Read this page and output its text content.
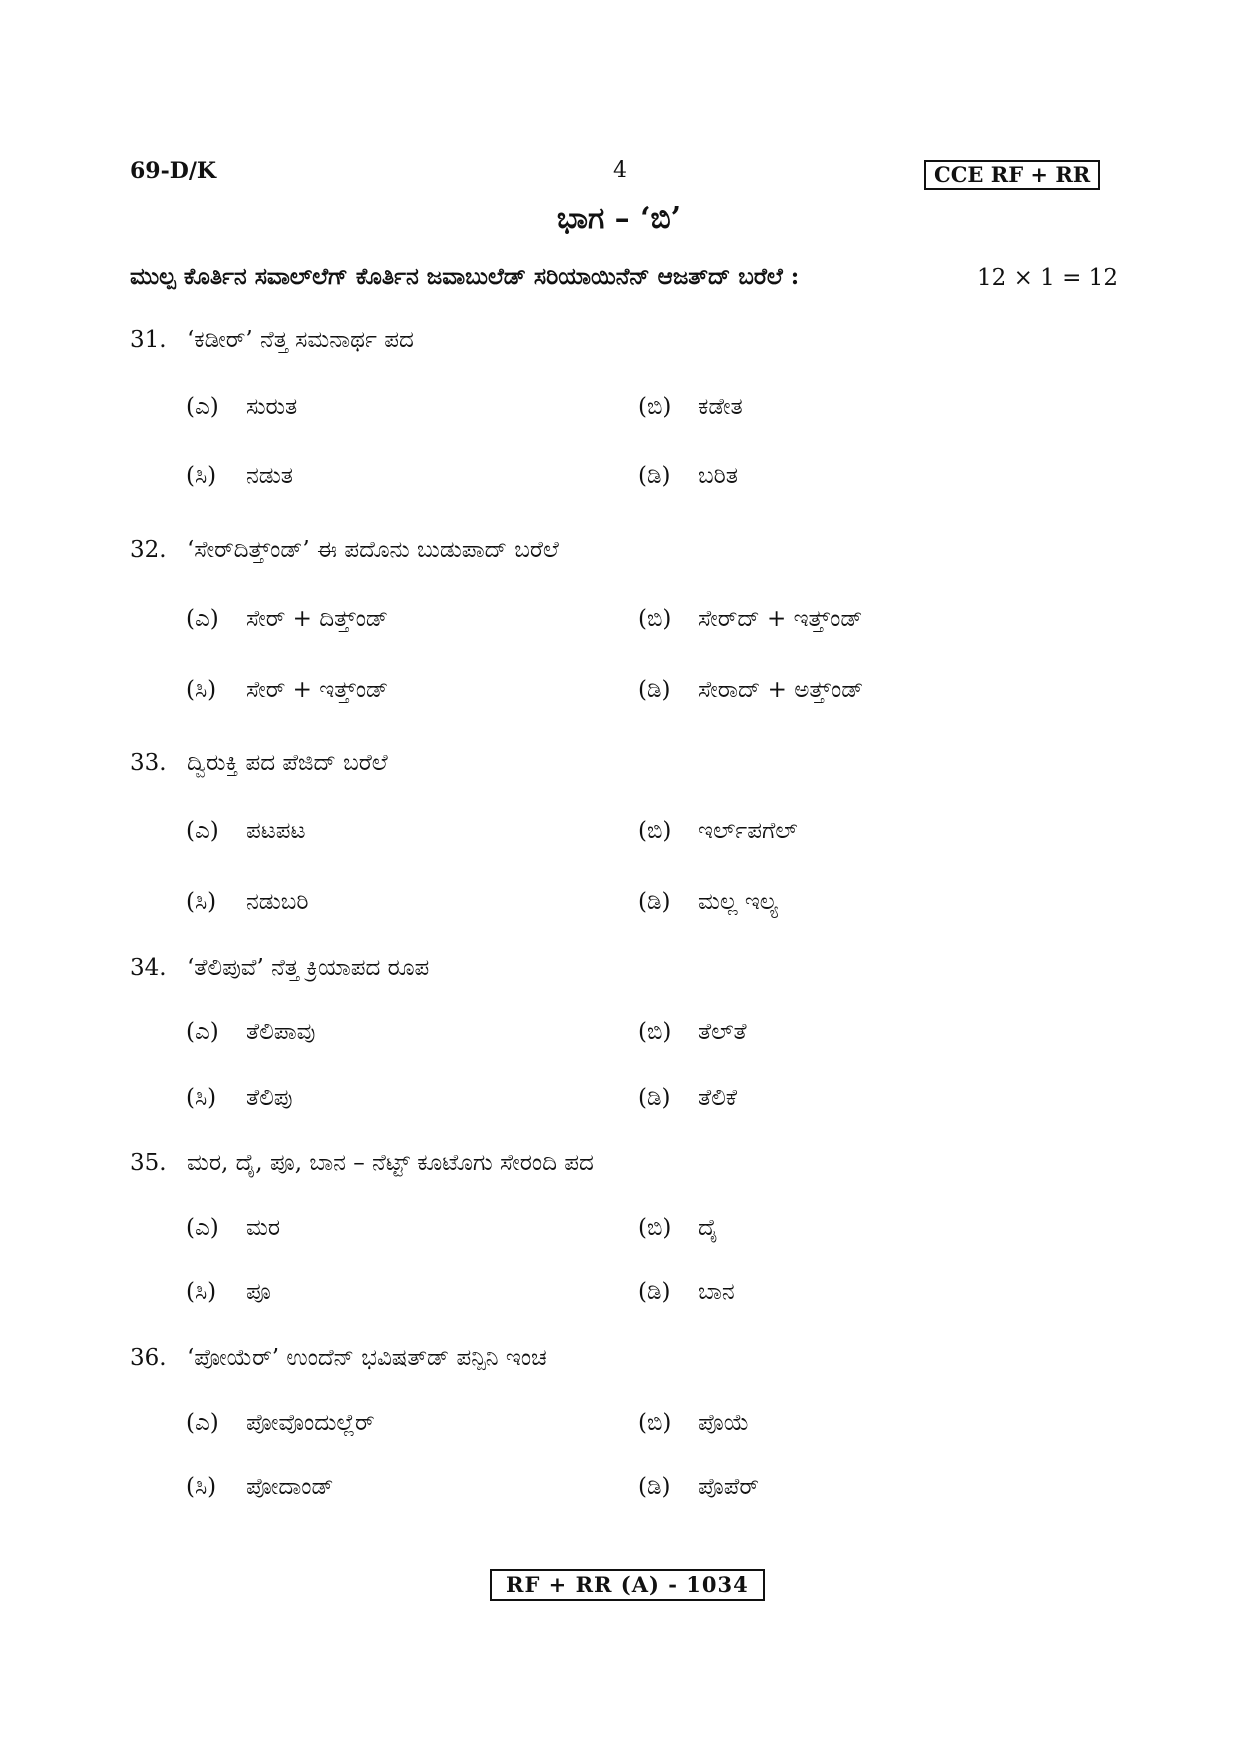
69-D/K	4	CCE RF + RR
ಭಾಗ – ‘ಬಿ’
ಮುಲ್ಪ ಕೊರ್ತಿನ ಸವಾಲ್‌ಲೆಗ್ ಕೊರ್ತಿನ ಜವಾಬುಲೆಡ್ ಸರಿಯಾಯಿನೆನ್ ಆಜತ್‌ದ್ ಬರೆಲೆ :	12 × 1 = 12
31. ‘ಕಡೀರ್’ ನೆತ್ತ ಸಮನಾರ್ಥ ಪದ
(ಎ) ಸುರುತ	(ಬಿ) ಕಡೇತ
(ಸಿ) ನಡುತ	(ಡಿ) ಬರಿತ
32. ‘ಸೇರ್‌ದಿತ್ತ್ಂಡ್’ ಈ ಪದೊನು ಬುಡುಪಾದ್ ಬರೆಲೆ
(ಎ) ಸೇರ್ + ದಿತ್ತ್ಂಡ್	(ಬಿ) ಸೇರ್‌ದ್ + ಇತ್ತ್ಂಡ್
(ಸಿ) ಸೇರ್ + ಇತ್ತ್ಂಡ್	(ಡಿ) ಸೇರಾದ್ + ಅತ್ತ್ಂಡ್
33. ದ್ವಿರುಕ್ತಿ ಪದ ಪೆಜಿದ್ ಬರೆಲೆ
(ಎ) ಪಟಪಟ	(ಬಿ) ಇರ್ಲ್‌ಪಗೆಲ್
(ಸಿ) ನಡುಬರಿ	(ಡಿ) ಮಲ್ಲ ಇಲ್ಯ
34. ‘ತೆಲಿಪುವೆ’ ನೆತ್ತ ಕ್ರಿಯಾಪದ ರೂಪ
(ಎ) ತೆಲಿಪಾವು	(ಬಿ) ತೆಲ್‌ತೆ
(ಸಿ) ತೆಲಿಪು	(ಡಿ) ತೆಲಿಕೆ
35. ಮರ, ದೈ, ಪೂ, ಬಾನ – ನೆಟ್ಟ್ ಕೂಟೊಗು ಸೇರಂದಿ ಪದ
(ಎ) ಮರ	(ಬಿ) ದೈ
(ಸಿ) ಪೂ	(ಡಿ) ಬಾನ
36. ‘ಪೋಯೆರ್’ ಉಂದೆನ್ ಭವಿಷತ್‌ಡ್ ಪನ್ಪಿನಿ ಇಂಚ
(ಎ) ಪೋವೊಂದುಲ್ಲೆರ್	(ಬಿ) ಪೊಯೆ
(ಸಿ) ಪೋದಾಂಡ್	(ಡಿ) ಪೊಪೆರ್
RF + RR (A) - 1034
